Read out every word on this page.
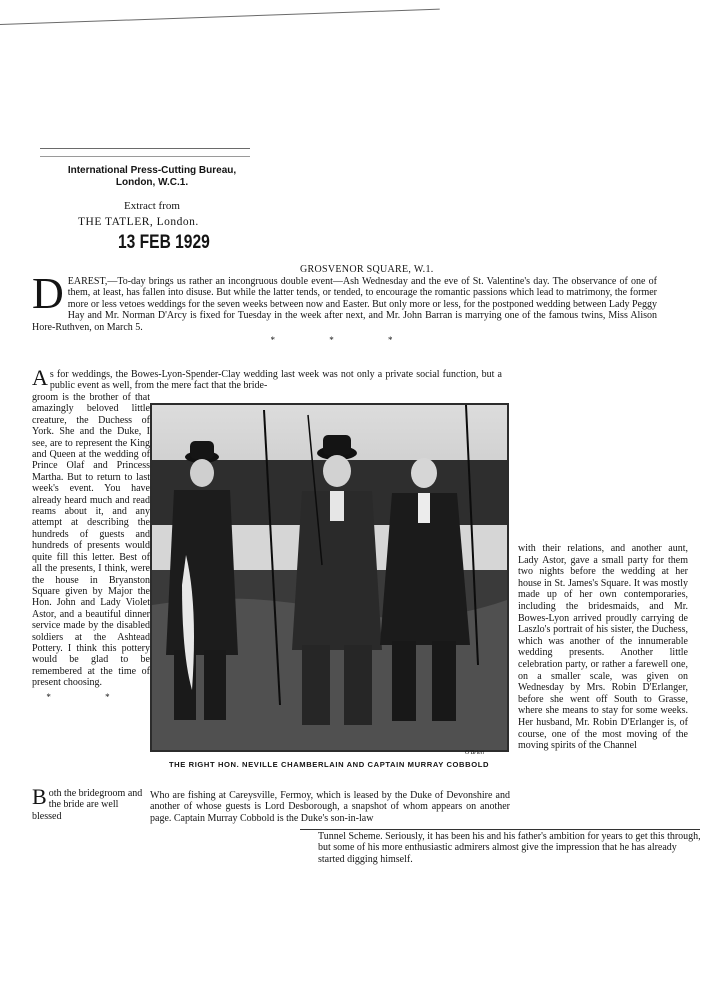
International Press-Cutting Bureau,
London, W.C.1.
Extract from
THE TATLER, London.
13 FEB 1929
GROSVENOR SQUARE, W.1.
D EAREST,—To-day brings us rather an incongruous double event—Ash Wednesday and the eve of St. Valentine's day. The observance of one of them, at least, has fallen into disuse. But while the latter tends, or tended, to encourage the romantic passions which lead to matrimony, the former more or less vetoes weddings for the seven weeks between now and Easter. But only more or less, for the postponed wedding between Lady Peggy Hay and Mr. Norman D'Arcy is fixed for Tuesday in the week after next, and Mr. John Barran is marrying one of the famous twins, Miss Alison Hore-Ruthven, on March 5.
* * *
A s for weddings, the Bowes-Lyon-Spender-Clay wedding last week was not only a private social function, but a public event as well, from the mere fact that the bride-
groom is the brother of that amazingly beloved little creature, the Duchess of York. She and the Duke, I see, are to represent the King and Queen at the wedding of Prince Olaf and Princess Martha. But to return to last week's event. You have already heard much and read reams about it, and any attempt at describing the hundreds of guests and hundreds of presents would quite fill this letter. Best of all the presents, I think, were the house in Bryanston Square given by Major the Hon. John and Lady Violet Astor, and a beautiful dinner service made by the disabled soldiers at the Ashtead Pottery. I think this pottery would be glad to be remembered at the time of present choosing.
* *
O'Brien
THE RIGHT HON. NEVILLE CHAMBERLAIN AND CAPTAIN MURRAY COBBOLD
B oth the bridegroom and the bride are well blessed
Who are fishing at Careysville, Fermoy, which is leased by the Duke of Devonshire and another of whose guests is Lord Desborough, a snapshot of whom appears on another page. Captain Murray Cobbold is the Duke's son-in-law
with their relations, and another aunt, Lady Astor, gave a small party for them two nights before the wedding at her house in St. James's Square. It was mostly made up of her own contemporaries, including the bridesmaids, and Mr. Bowes-Lyon arrived proudly carrying de Laszlo's portrait of his sister, the Duchess, which was another of the innumerable wedding presents. Another little celebration party, or rather a farewell one, on a smaller scale, was given on Wednesday by Mrs. Robin D'Erlanger, before she went off South to Grasse, where she means to stay for some weeks. Her husband, Mr. Robin D'Erlanger is, of course, one of the most moving of the moving spirits of the Channel
Tunnel Scheme. Seriously, it has been his and his father's ambition for years to get this through, but some of his more enthusiastic admirers almost give the impression that he has already started digging himself.
